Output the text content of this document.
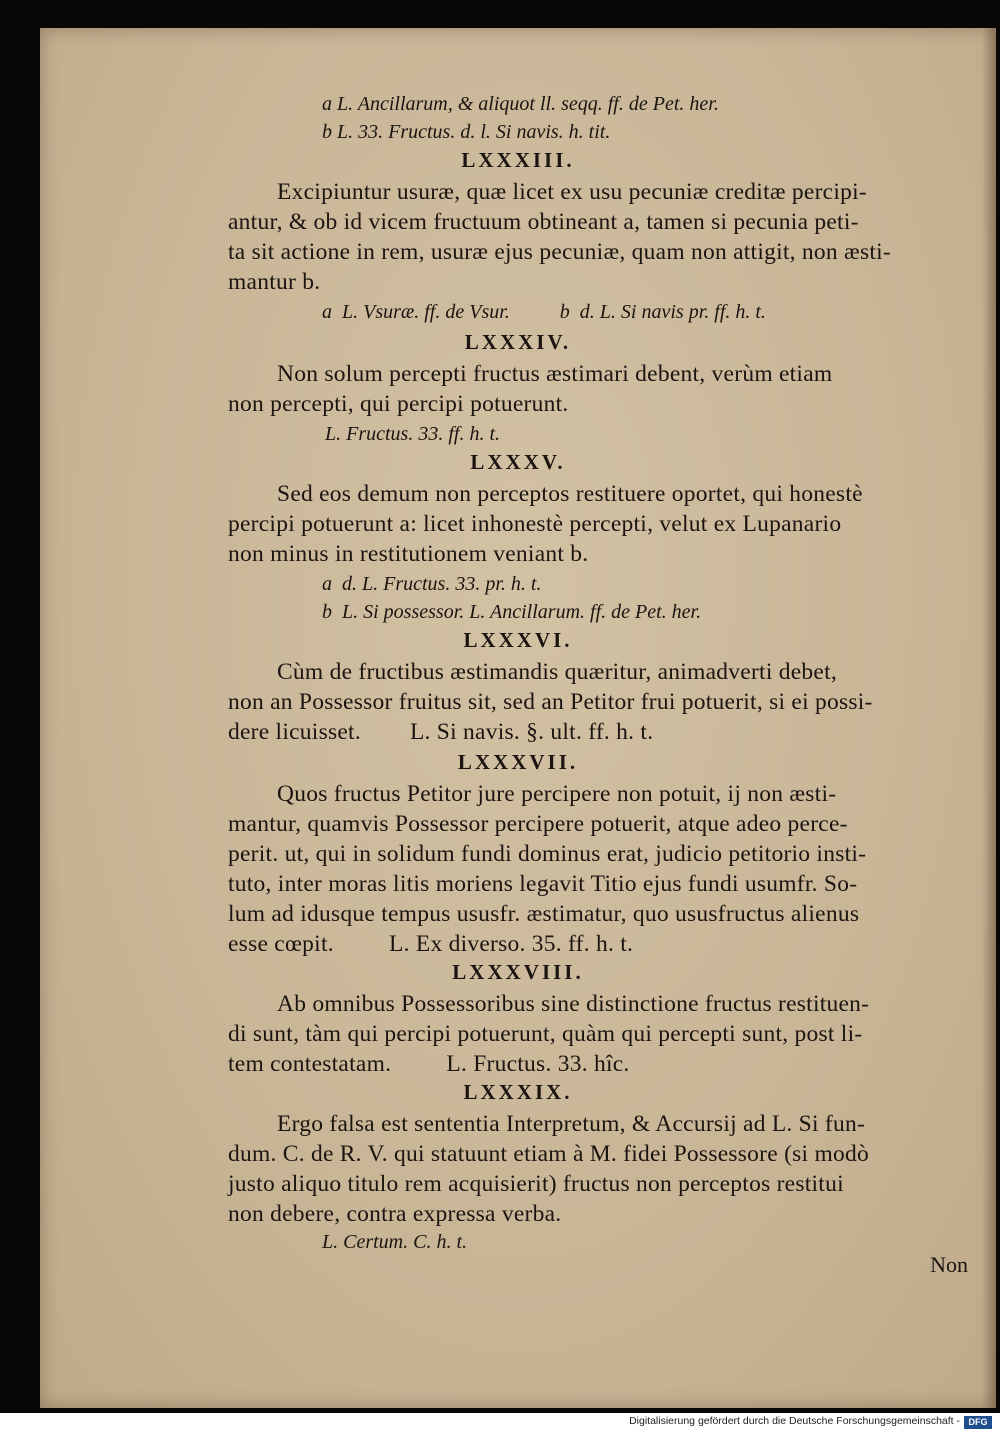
a L. Ancillarum, & aliquot ll. seqq. ff. de Pet. her.
b L. 33. Fructus. d. l. Si navis. h. tit.
LXXXIII.
Excipiuntur usuræ, quæ licet ex usu pecuniæ creditæ percipi-
antur, & ob id vicem fructuum obtineant a, tamen si pecunia peti-
ta sit actione in rem, usuræ ejus pecuniæ, quam non attigit, non æsti-
mantur b.
a  L. Vsuræ. ff. de Vsur.          b  d. L. Si navis pr. ff. h. t.
LXXXIV.
Non solum percepti fructus æstimari debent, verùm etiam
non percepti, qui percipi potuerunt.
L. Fructus. 33. ff. h. t.
LXXXV.
Sed eos demum non perceptos restituere oportet, qui honestè
percipi potuerunt a: licet inhonestè percepti, velut ex Lupanario
non minus in restitutionem veniant b.
a  d. L. Fructus. 33. pr. h. t.
b  L. Si possessor. L. Ancillarum. ff. de Pet. her.
LXXXVI.
Cùm de fructibus æstimandis quæritur, animadverti debet,
non an Possessor fruitus sit, sed an Petitor frui potuerit, si ei possi-
dere licuisset.        L. Si navis. §. ult. ff. h. t.
LXXXVII.
Quos fructus Petitor jure percipere non potuit, ij non æsti-
mantur, quamvis Possessor percipere potuerit, atque adeo perce-
perit. ut, qui in solidum fundi dominus erat, judicio petitorio insti-
tuto, inter moras litis moriens legavit Titio ejus fundi usumfr. So-
lum ad idusque tempus ususfr. æstimatur, quo ususfructus alienus
esse cœpit.         L. Ex diverso. 35. ff. h. t.
LXXXVIII.
Ab omnibus Possessoribus sine distinctione fructus restituen-
di sunt, tàm qui percipi potuerunt, quàm qui percepti sunt, post li-
tem contestatam.         L. Fructus. 33. hîc.
LXXXIX.
Ergo falsa est sententia Interpretum, & Accursij ad L. Si fun-
dum. C. de R. V. qui statuunt etiam à M. fidei Possessore (si modò
justo aliquo titulo rem acquisierit) fructus non perceptos restitui
non debere, contra expressa verba.
L. Certum. C. h. t.
Non
Digitalisierung gefördert durch die Deutsche Forschungsgemeinschaft - DFG
